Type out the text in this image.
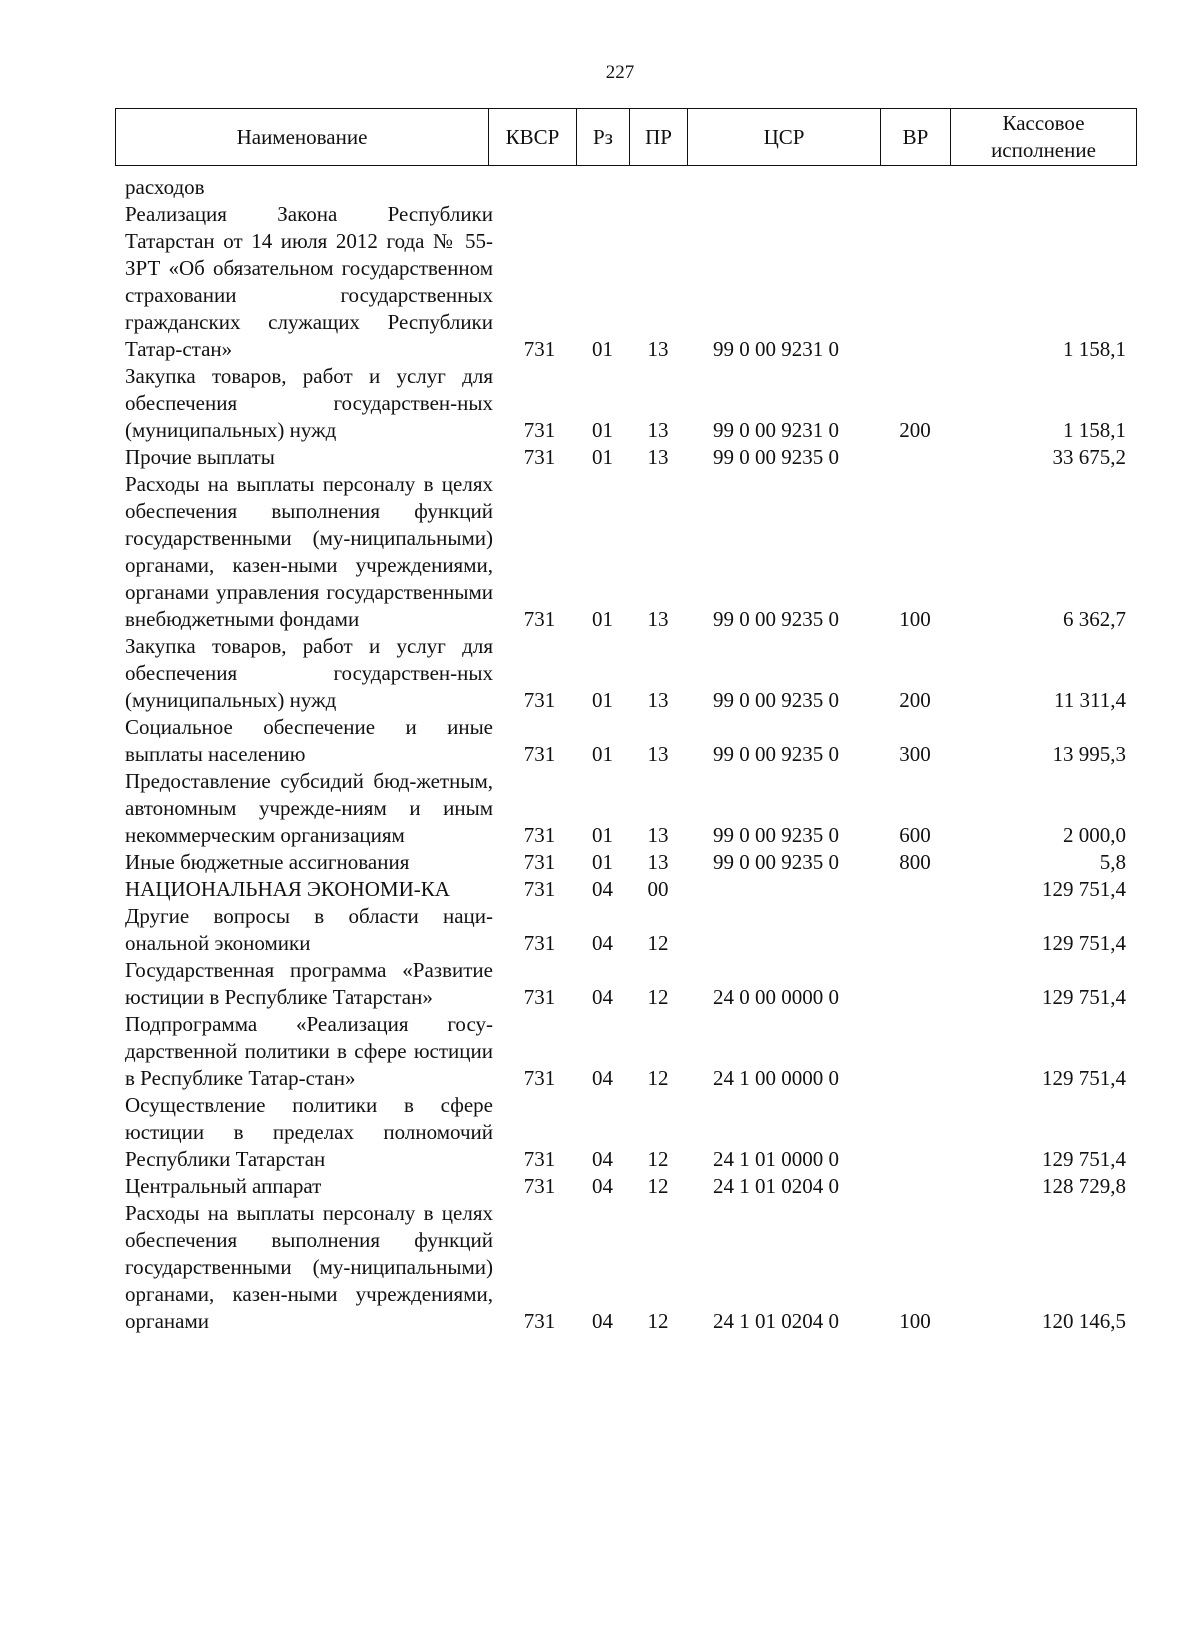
227
Наименование	КВСР	Рз	ПР	ЦСР	ВР	Кассовое
исполнение
расходов						
Реализация Закона Республики Татарстан от 14 июля 2012 года № 55-ЗРТ «Об обязательном государственном страховании государственных гражданских служащих Республики Татар-стан»	731	01	13	99 0 00 9231 0		1 158,1
Закупка товаров, работ и услуг для обеспечения государствен-ных (муниципальных) нужд	731	01	13	99 0 00 9231 0	200	1 158,1
Прочие выплаты	731	01	13	99 0 00 9235 0		33 675,2
Расходы на выплаты персоналу в целях обеспечения выполнения функций государственными (му-ниципальными) органами, казен-ными учреждениями, органами управления государственными внебюджетными фондами	731	01	13	99 0 00 9235 0	100	6 362,7
Закупка товаров, работ и услуг для обеспечения государствен-ных (муниципальных) нужд	731	01	13	99 0 00 9235 0	200	11 311,4
Социальное обеспечение и иные выплаты населению	731	01	13	99 0 00 9235 0	300	13 995,3
Предоставление субсидий бюд-жетным, автономным учрежде-ниям и иным некоммерческим организациям	731	01	13	99 0 00 9235 0	600	2 000,0
Иные бюджетные ассигнования	731	01	13	99 0 00 9235 0	800	5,8
НАЦИОНАЛЬНАЯ ЭКОНОМИ-КА	731	04	00			129 751,4
Другие вопросы в области наци-ональной экономики	731	04	12			129 751,4
Государственная программа «Развитие юстиции в Республике Татарстан»	731	04	12	24 0 00 0000 0		129 751,4
Подпрограмма «Реализация госу-дарственной политики в сфере юстиции в Республике Татар-стан»	731	04	12	24 1 00 0000 0		129 751,4
Осуществление политики в сфере юстиции в пределах полномочий Республики Татарстан	731	04	12	24 1 01 0000 0		129 751,4
Центральный аппарат	731	04	12	24 1 01 0204 0		128 729,8
Расходы на выплаты персоналу в целях обеспечения выполнения функций государственными (му-ниципальными) органами, казен-ными учреждениями, органами	731	04	12	24 1 01 0204 0	100	120 146,5
